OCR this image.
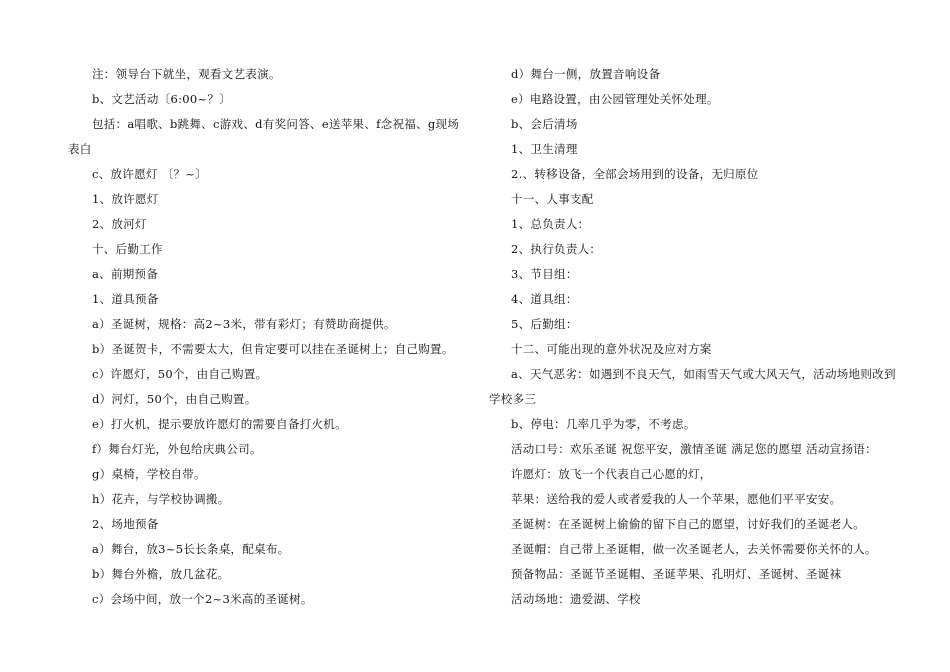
注：领导台下就坐，观看文艺表演。
b、文艺活动〔6:00~？〕
包括：a唱歌、b跳舞、c游戏、d有奖问答、e送苹果、f念祝福、g现场
表白
c、放许愿灯 〔？~〕
1、放许愿灯
2、放河灯
十、后勤工作
a、前期预备
1、道具预备
a）圣诞树，规格：高2~3米，带有彩灯；有赞助商提供。
b）圣诞贺卡，不需要太大，但肯定要可以挂在圣诞树上；自己购置。
c）许愿灯，50个，由自己购置。
d）河灯，50个，由自己购置。
e）打火机，提示要放许愿灯的需要自备打火机。
f）舞台灯光，外包给庆典公司。
g）桌椅，学校自带。
h）花卉，与学校协调搬。
2、场地预备
a）舞台，放3~5长长条桌，配桌布。
b）舞台外檐，放几盆花。
c）会场中间，放一个2~3米高的圣诞树。
d）舞台一侧，放置音响设备
e）电路设置，由公园管理处关怀处理。
b、会后清场
1、卫生清理
2.、转移设备，全部会场用到的设备，无归原位
十一、人事支配
1、总负责人：
2、执行负责人：
3、节目组：
4、道具组：
5、后勤组：
十二、可能出现的意外状况及应对方案
a、天气恶劣：如遇到不良天气，如雨雪天气或大风天气，活动场地则改到
学校多三
b、停电：几率几乎为零，不考虑。
活动口号：欢乐圣诞 祝您平安，激情圣诞 满足您的愿望 活动宣扬语：
许愿灯：放飞一个代表自己心愿的灯，
苹果：送给我的爱人或者爱我的人一个苹果，愿他们平平安安。
圣诞树：在圣诞树上偷偷的留下自己的愿望，讨好我们的圣诞老人。
圣诞帽：自己带上圣诞帽，做一次圣诞老人，去关怀需要你关怀的人。
预备物品：圣诞节圣诞帽、圣诞苹果、孔明灯、圣诞树、圣诞袜
活动场地：遗爱湖、学校
